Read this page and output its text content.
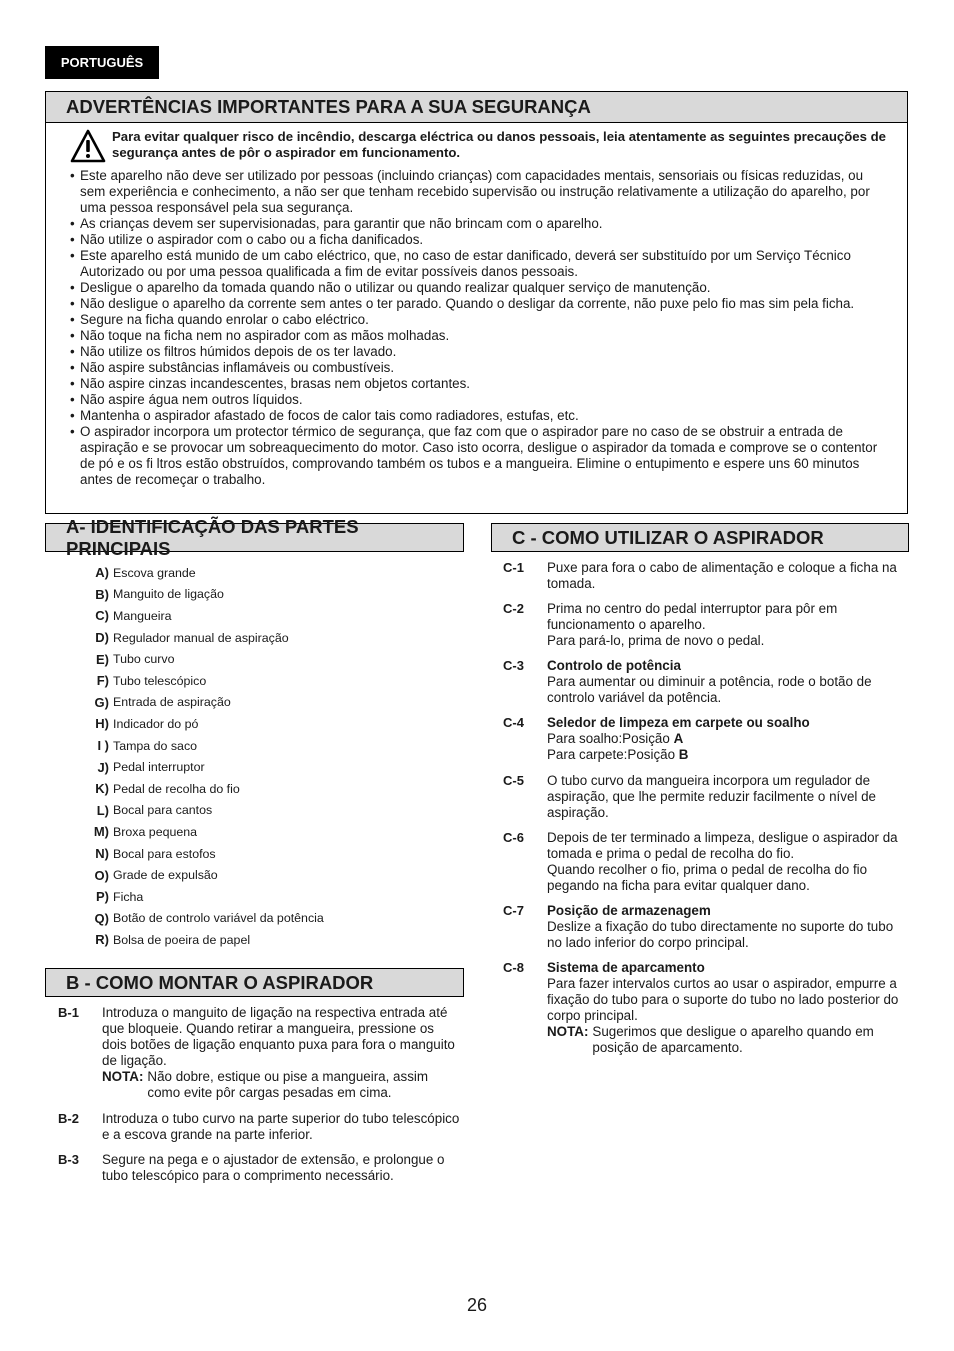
PORTUGUÊS
ADVERTÊNCIAS IMPORTANTES PARA A SUA SEGURANÇA
Para evitar qualquer risco de incêndio, descarga eléctrica ou danos pessoais, leia atentamente as seguintes precauções de segurança antes de pôr o aspirador em funcionamento.
• Este aparelho não deve ser utilizado por pessoas (incluindo crianças) com capacidades mentais, sensoriais ou físicas reduzidas, ou sem experiência e conhecimento, a não ser que tenham recebido supervisão ou instrução relativamente a utilização do aparelho, por uma pessoa responsável pela sua segurança.
• As crianças devem ser supervisionadas, para garantir que não brincam com o aparelho.
• Não utilize o aspirador com o cabo ou a ficha danificados.
• Este aparelho está munido de um cabo eléctrico, que, no caso de estar danificado, deverá ser substituído por um Serviço Técnico Autorizado ou por uma pessoa qualificada a fim de evitar possíveis danos pessoais.
• Desligue o aparelho da tomada quando não o utilizar ou quando realizar qualquer serviço de manutenção.
• Não desligue o aparelho da corrente sem antes o ter parado. Quando o desligar da corrente, não puxe pelo fio mas sim pela ficha.
• Segure na ficha quando enrolar o cabo eléctrico.
• Não toque na ficha nem no aspirador com as mãos molhadas.
• Não utilize os filtros húmidos depois de os ter lavado.
• Não aspire substâncias inflamáveis ou combustíveis.
• Não aspire cinzas incandescentes, brasas nem objetos cortantes.
• Não aspire água nem outros líquidos.
• Mantenha o aspirador afastado de focos de calor tais como radiadores, estufas, etc.
• O aspirador incorpora um protector térmico de segurança, que faz com que o aspirador pare no caso de se obstruir a entrada de aspiração e se provocar um sobreaquecimento do motor. Caso isto ocorra, desligue o aspirador da tomada e comprove se o contentor de pó e os fi ltros estão obstruídos, comprovando também os tubos e a mangueira. Elimine o entupimento e espere uns 60 minutos antes de recomeçar o trabalho.
A- IDENTIFICAÇÃO DAS PARTES PRINCIPAIS
A) Escova grande
B) Manguito de ligação
C) Mangueira
D) Regulador manual de aspiração
E) Tubo curvo
F) Tubo telescópico
G) Entrada de aspiração
H) Indicador do pó
I ) Tampa do saco
J) Pedal interruptor
K) Pedal de recolha do fio
L) Bocal para cantos
M) Broxa pequena
N) Bocal para estofos
O) Grade de expulsão
P) Ficha
Q) Botão de controlo variável da potência
R) Bolsa de poeira de papel
B - COMO MONTAR O ASPIRADOR
B-1	Introduza o manguito de ligação na respectiva entrada até que bloqueie. Quando retirar a mangueira, pressione os dois botões de ligação enquanto puxa para fora o manguito de ligação.
NOTA: Não dobre, estique ou pise a mangueira, assim como evite pôr cargas pesadas em cima.
B-2	Introduza o tubo curvo na parte superior do tubo telescópico e a escova grande na parte inferior.
B-3	Segure na pega e o ajustador de extensão, e prolongue o tubo telescópico para o comprimento necessário.
C - COMO UTILIZAR O ASPIRADOR
C-1	Puxe para fora o cabo de alimentação e coloque a ficha na tomada.
C-2	Prima no centro do pedal interruptor para pôr em funcionamento o aparelho.
Para pará-lo, prima de novo o pedal.
C-3	Controlo de potência
Para aumentar ou diminuir a potência, rode o botão de controlo variável da potência.
C-4	Seledor de limpeza em carpete ou soalho
Para soalho:Posição A
Para carpete:Posição B
C-5	O tubo curvo da mangueira incorpora um regulador de aspiração, que lhe permite reduzir facilmente o nível de aspiração.
C-6	Depois de ter terminado a limpeza, desligue o aspirador da tomada e prima o pedal de recolha do fio.
Quando recolher o fio, prima o pedal de recolha do fio pegando na ficha para evitar qualquer dano.
C-7	Posição de armazenagem
Deslize a fixação do tubo directamente no suporte do tubo no lado inferior do corpo principal.
C-8	Sistema de aparcamento
Para fazer intervalos curtos ao usar o aspirador, empurre a fixação do tubo para o suporte do tubo no lado posterior do corpo principal.
NOTA: Sugerimos que desligue o aparelho quando em posição de aparcamento.
26
